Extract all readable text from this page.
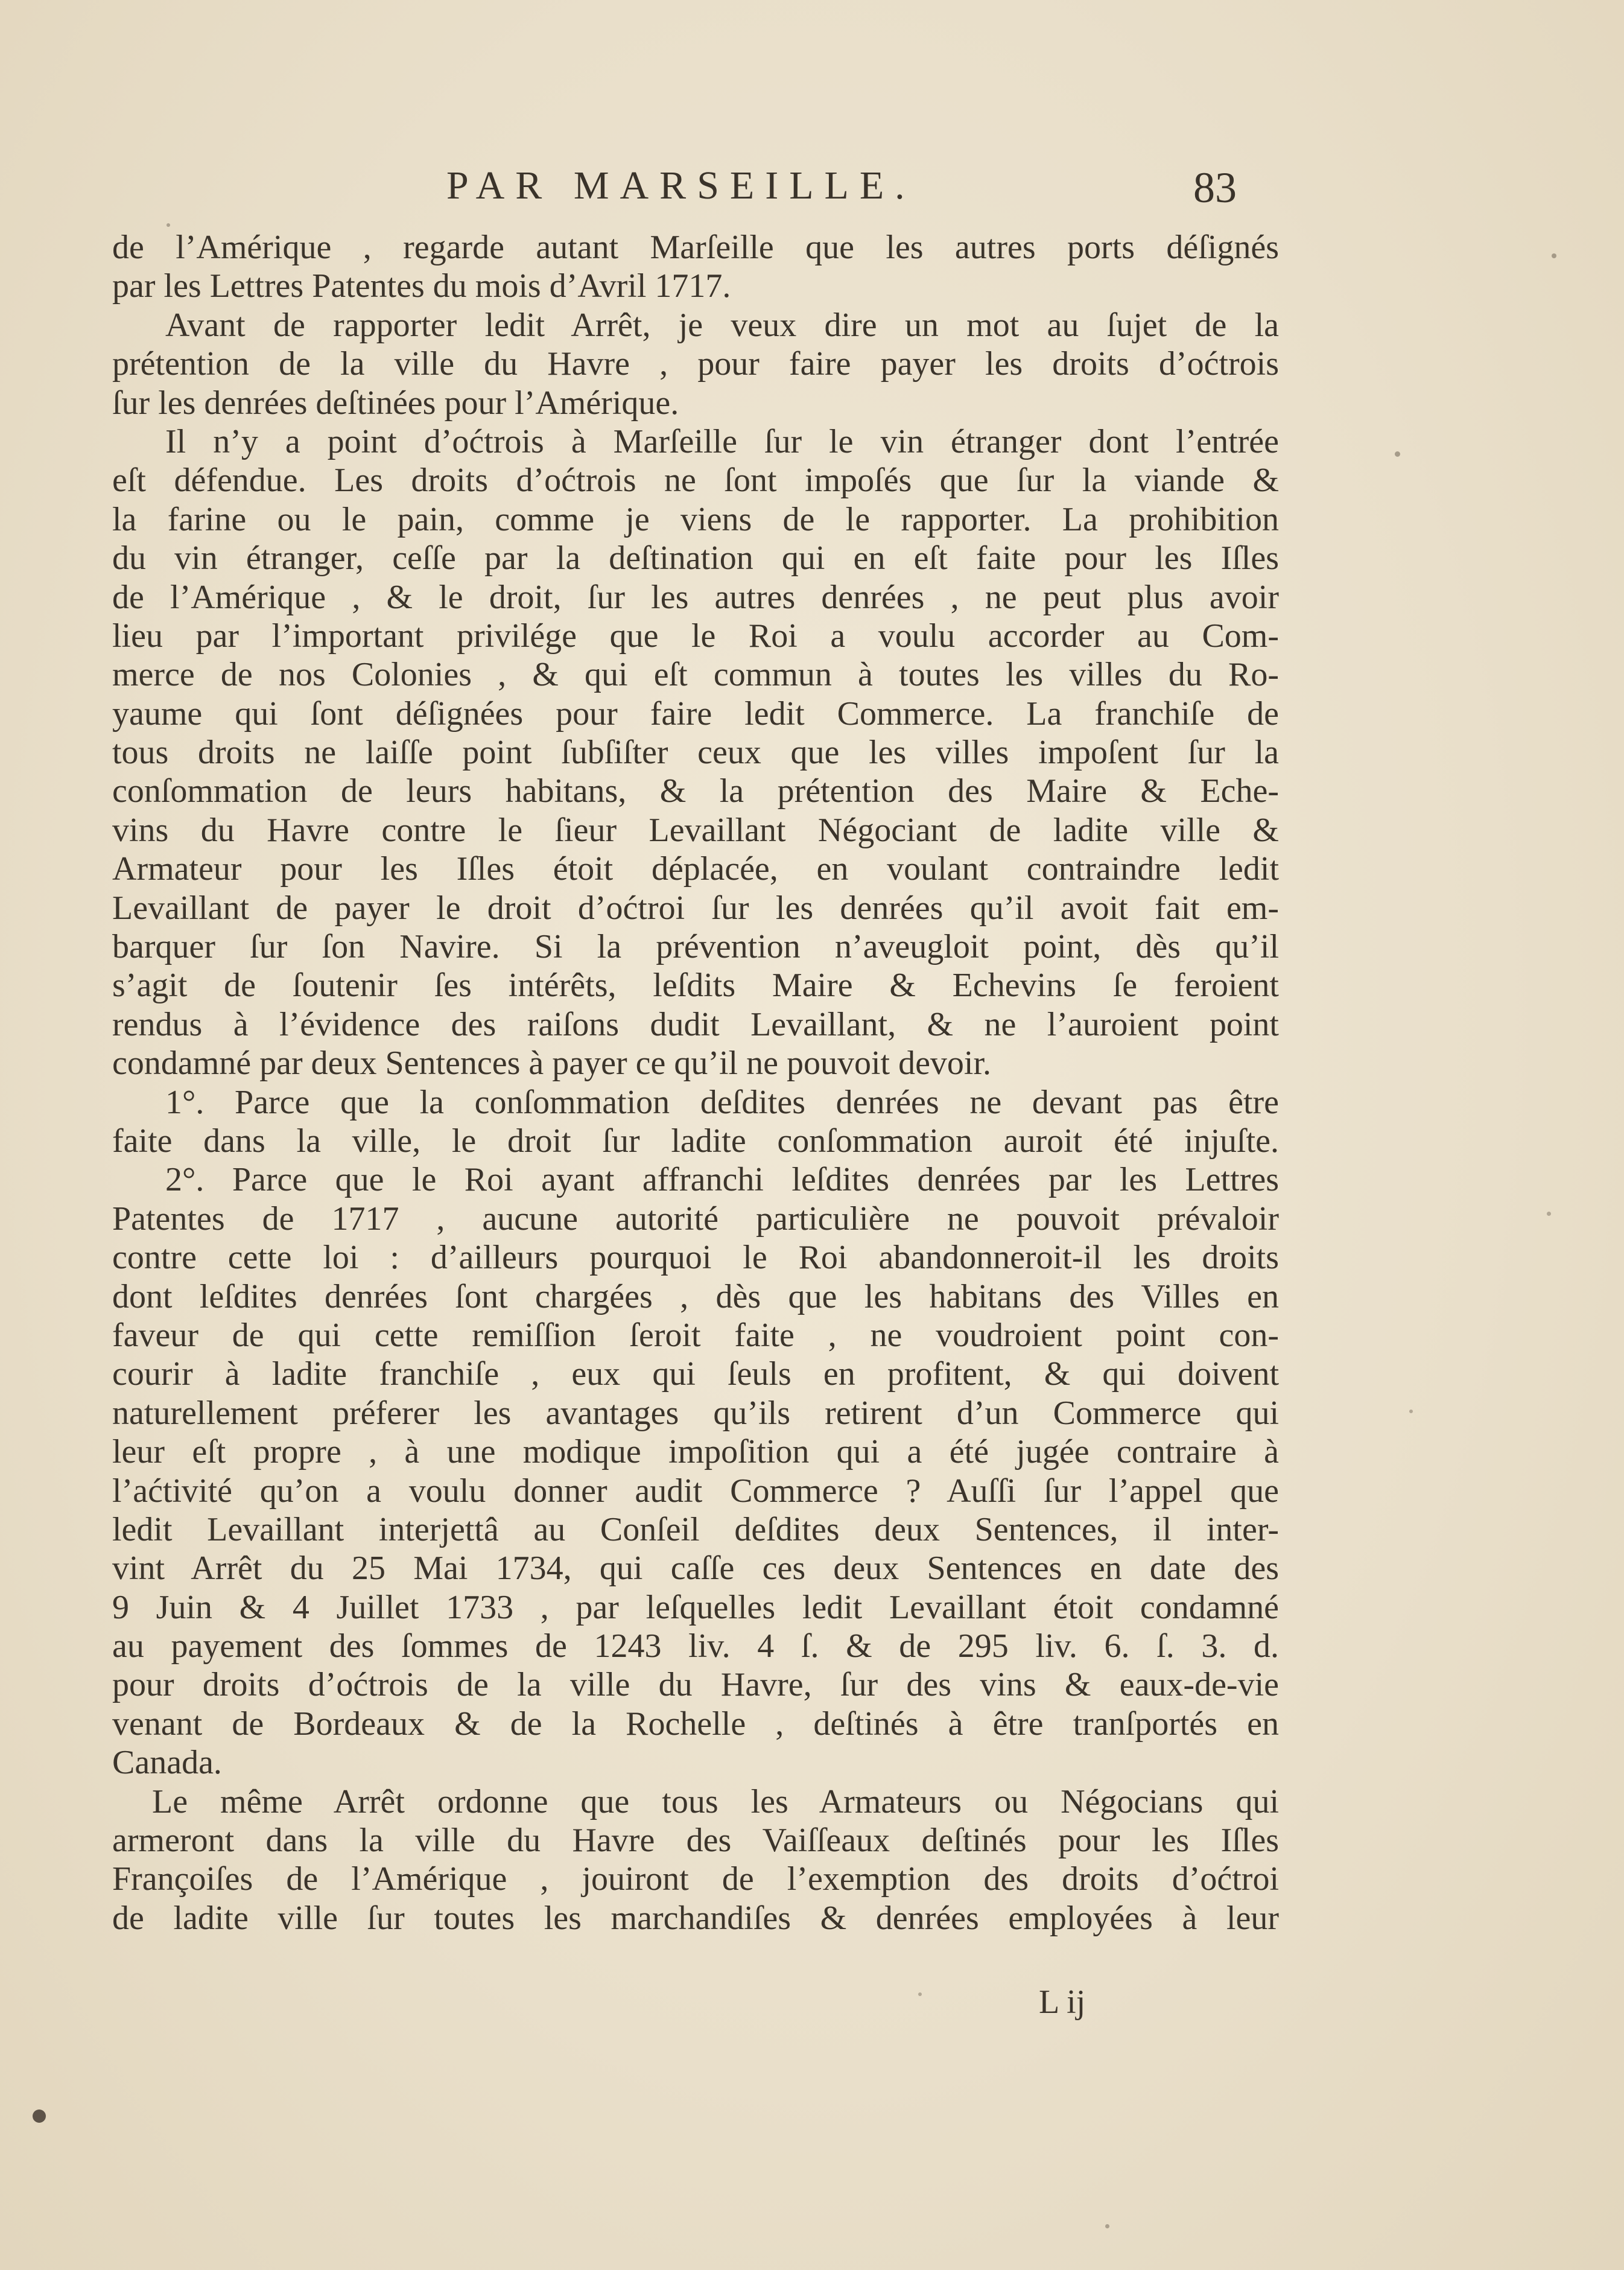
PAR MARSEILLE.	83
de l’Amérique , regarde autant Marſeille que les autres ports déſignés
par les Lettres Patentes du mois d’Avril 1717.
Avant de rapporter ledit Arrêt, je veux dire un mot au ſujet de la
prétention de la ville du Havre , pour faire payer les droits d’oćtrois
ſur les denrées deſtinées pour l’Amérique.
Il n’y a point d’oćtrois à Marſeille ſur le vin étranger dont l’entrée
eſt défendue. Les droits d’oćtrois ne ſont impoſés que ſur la viande &
la farine ou le pain, comme je viens de le rapporter. La prohibition
du vin étranger, ceſſe par la deſtination qui en eſt faite pour les Iſles
de l’Amérique , & le droit, ſur les autres denrées , ne peut plus avoir
lieu par l’important privilége que le Roi a voulu accorder au Com-
merce de nos Colonies , & qui eſt commun à toutes les villes du Ro-
yaume qui ſont déſignées pour faire ledit Commerce. La franchiſe de
tous droits ne laiſſe point ſubſiſter ceux que les villes impoſent ſur la
conſommation de leurs habitans, & la prétention des Maire & Eche-
vins du Havre contre le ſieur Levaillant Négociant de ladite ville &
Armateur pour les Iſles étoit déplacée, en voulant contraindre ledit
Levaillant de payer le droit d’oćtroi ſur les denrées qu’il avoit fait em-
barquer ſur ſon Navire. Si la prévention n’aveugloit point, dès qu’il
s’agit de ſoutenir ſes intérêts, leſdits Maire & Echevins ſe feroient
rendus à l’évidence des raiſons dudit Levaillant, & ne l’auroient point
condamné par deux Sentences à payer ce qu’il ne pouvoit devoir.
1°. Parce que la conſommation deſdites denrées ne devant pas être
faite dans la ville, le droit ſur ladite conſommation auroit été injuſte.
2°. Parce que le Roi ayant affranchi leſdites denrées par les Lettres
Patentes de 1717 , aucune autorité particulière ne pouvoit prévaloir
contre cette loi : d’ailleurs pourquoi le Roi abandonneroit-il les droits
dont leſdites denrées ſont chargées , dès que les habitans des Villes en
faveur de qui cette remiſſion ſeroit faite , ne voudroient point con-
courir à ladite franchiſe , eux qui ſeuls en profitent, & qui doivent
naturellement préferer les avantages qu’ils retirent d’un Commerce qui
leur eſt propre , à une modique impoſition qui a été jugée contraire à
l’aćtivité qu’on a voulu donner audit Commerce ? Auſſi ſur l’appel que
ledit Levaillant interjettâ au Conſeil deſdites deux Sentences, il inter-
vint Arrêt du 25 Mai 1734, qui caſſe ces deux Sentences en date des
9 Juin & 4 Juillet 1733 , par leſquelles ledit Levaillant étoit condamné
au payement des ſommes de 1243 liv. 4 ſ. & de 295 liv. 6. ſ. 3. d.
pour droits d’oćtrois de la ville du Havre, ſur des vins & eaux-de-vie
venant de Bordeaux & de la Rochelle , deſtinés à être tranſportés en
Canada.
Le même Arrêt ordonne que tous les Armateurs ou Négocians qui
armeront dans la ville du Havre des Vaiſſeaux deſtinés pour les Iſles
Françoiſes de l’Amérique , jouiront de l’exemption des droits d’oćtroi
de ladite ville ſur toutes les marchandiſes & denrées employées à leur
L ij
